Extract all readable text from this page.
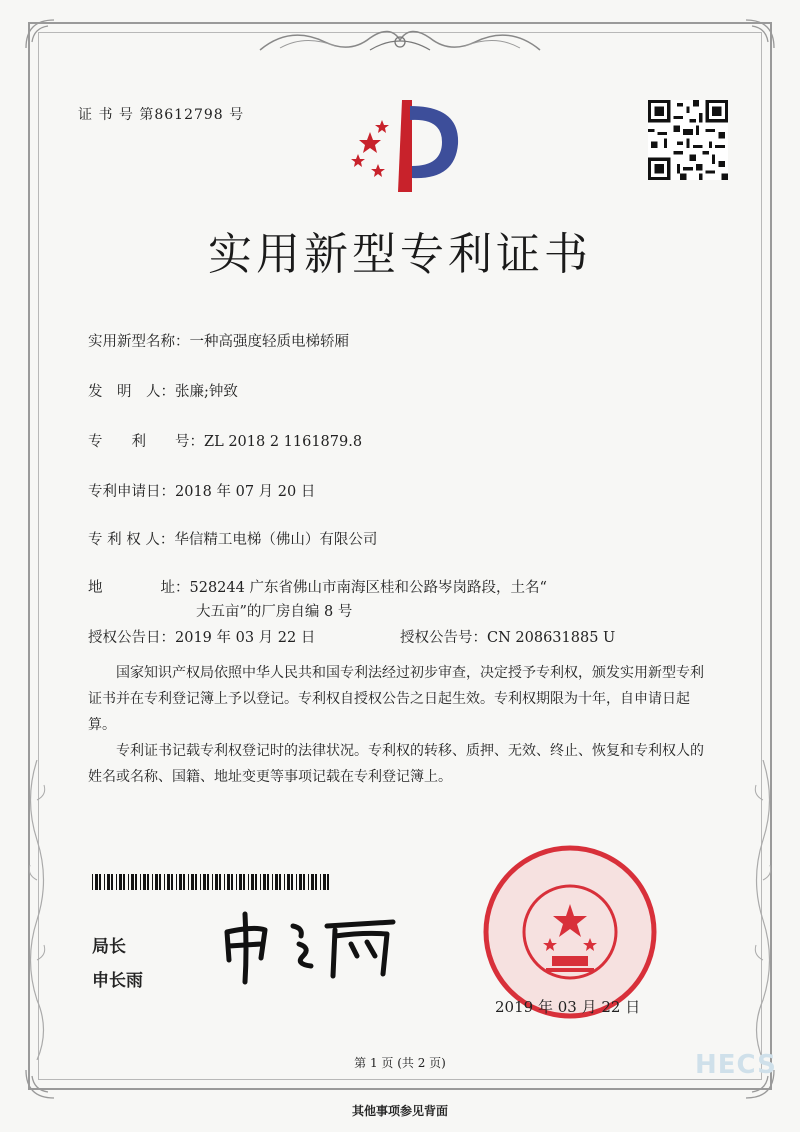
证 书 号 第8612798 号
实用新型专利证书
实用新型名称：一种高强度轻质电梯轿厢
发　明　人：张廉;钟致
专　　利　　号：ZL 2018 2 1161879.8
专利申请日：2018 年 07 月 20 日
专 利 权 人：华信精工电梯（佛山）有限公司
地　　　　址：528244 广东省佛山市南海区桂和公路岑岗路段，土名“
大五亩”的厂房自编 8 号
授权公告日：2019 年 03 月 22 日	授权公告号：CN 208631885 U

国家知识产权局依照中华人民共和国专利法经过初步审查，决定授予专利权，颁发实用新型专利证书并在专利登记簿上予以登记。专利权自授权公告之日起生效。专利权期限为十年，自申请日起算。

专利证书记载专利权登记时的法律状况。专利权的转移、质押、无效、终止、恢复和专利权人的姓名或名称、国籍、地址变更等事项记载在专利登记簿上。

局长
申长雨
2019 年 03 月 22 日
第 1 页 (共 2 页)	HECS
其他事项参见背面
